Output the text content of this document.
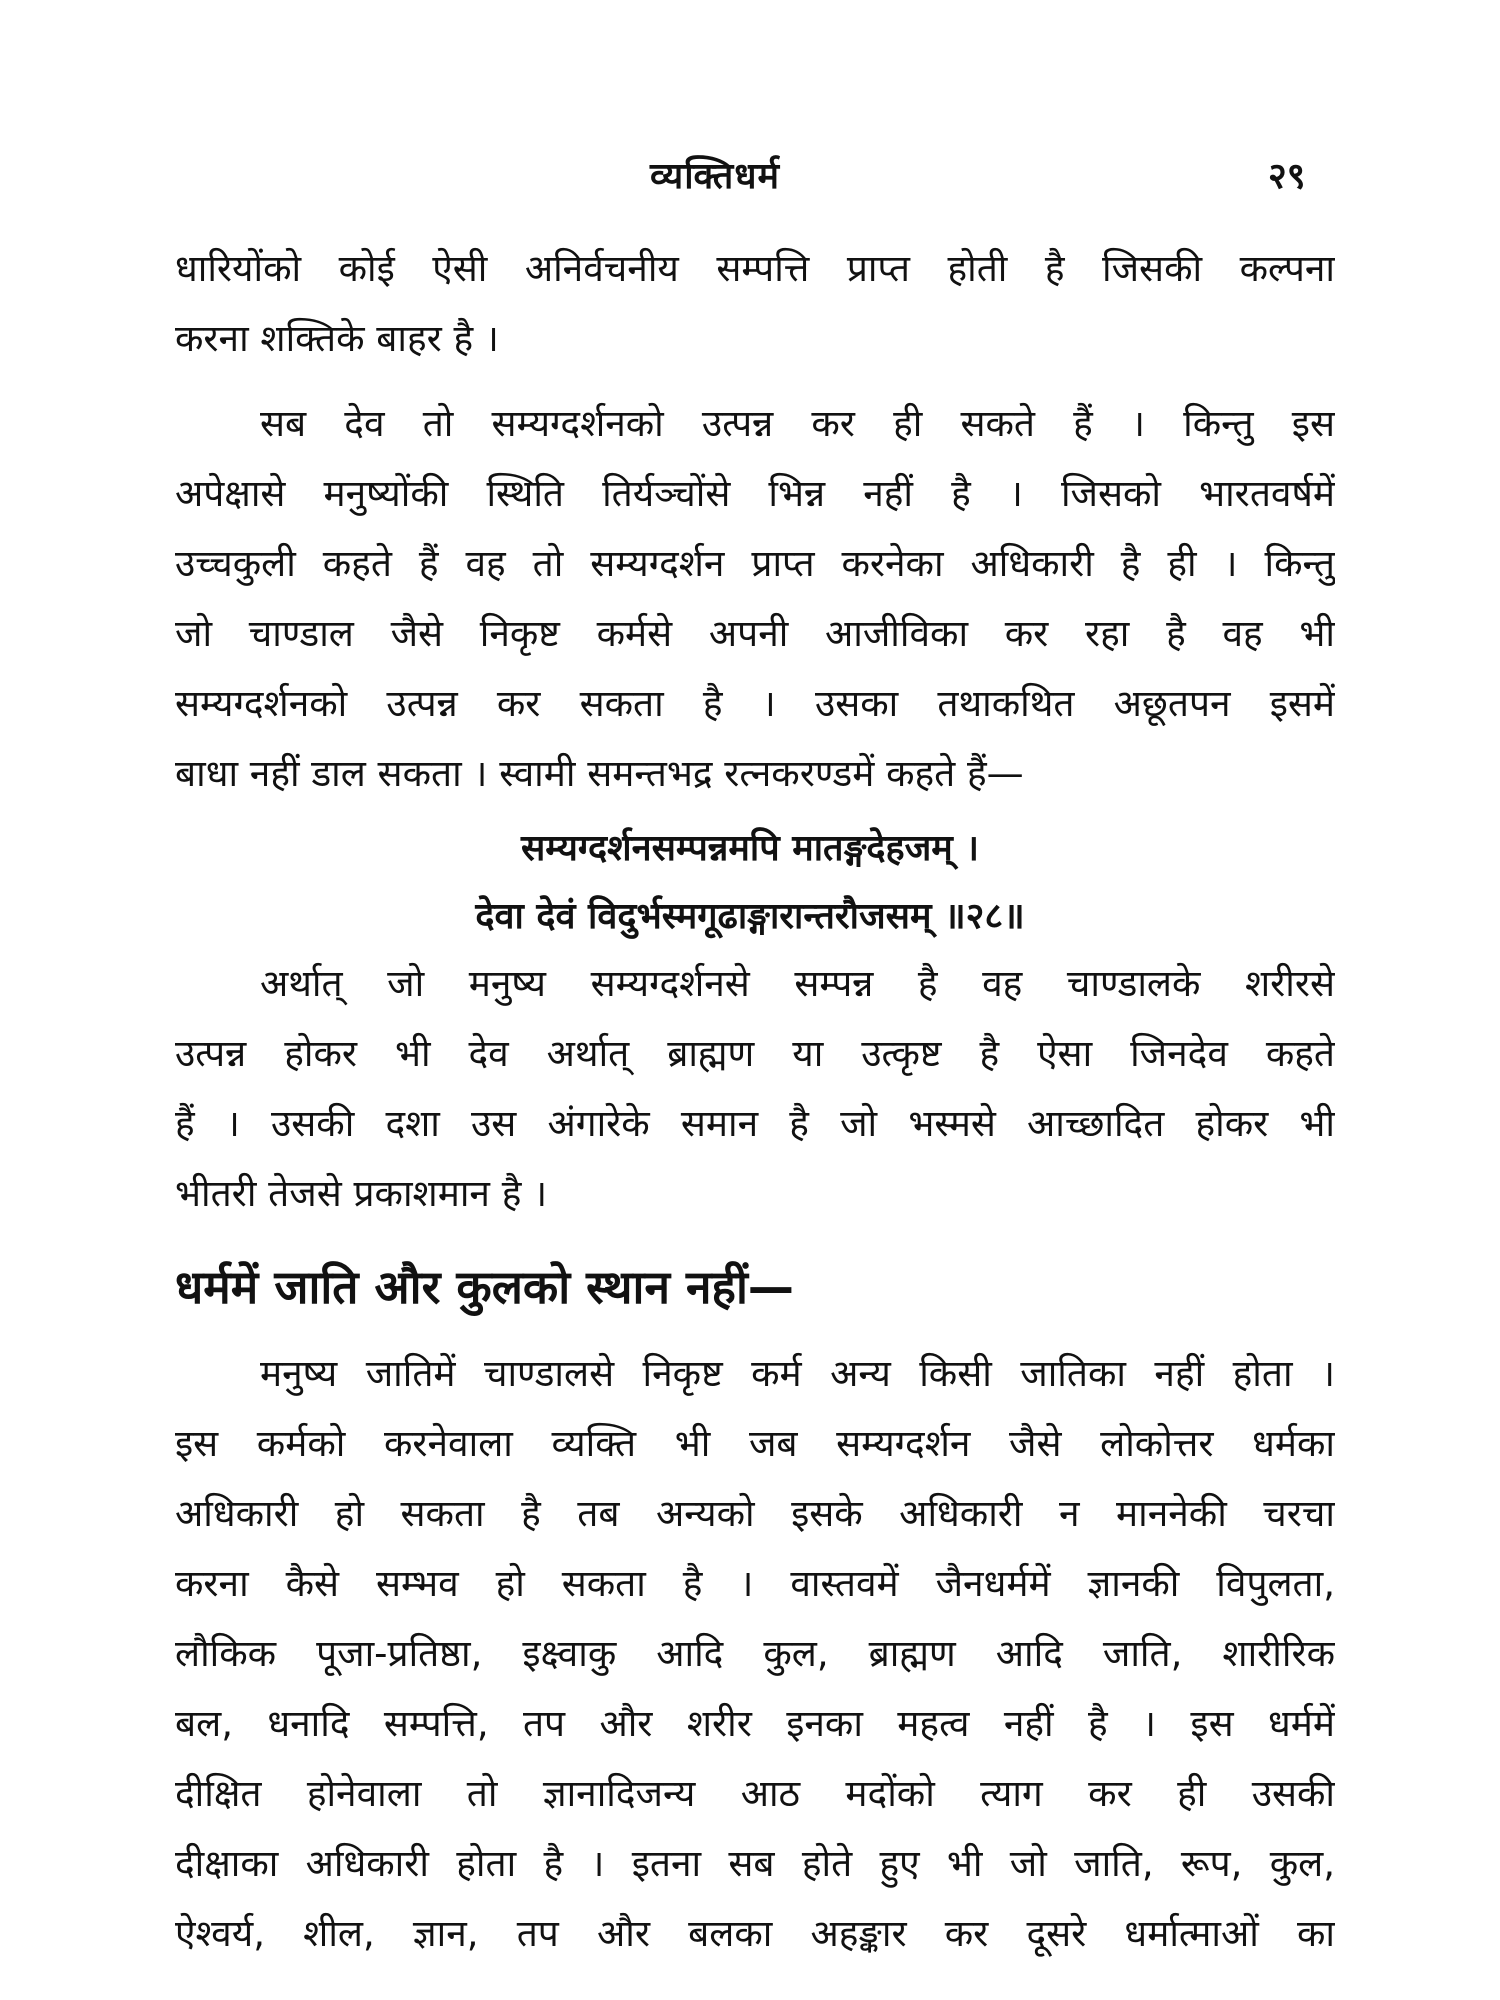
व्यक्तिधर्म	२९
धारियोंको कोई ऐसी अनिर्वचनीय सम्पत्ति प्राप्त होती है जिसकी कल्पना
करना शक्तिके बाहर है ।
सब देव तो सम्यग्दर्शनको उत्पन्न कर ही सकते हैं । किन्तु इस
अपेक्षासे मनुष्योंकी स्थिति तिर्यञ्चोंसे भिन्न नहीं है । जिसको भारतवर्षमें
उच्चकुली कहते हैं वह तो सम्यग्दर्शन प्राप्त करनेका अधिकारी है ही । किन्तु
जो चाण्डाल जैसे निकृष्ट कर्मसे अपनी आजीविका कर रहा है वह भी
सम्यग्दर्शनको उत्पन्न कर सकता है । उसका तथाकथित अछूतपन इसमें
बाधा नहीं डाल सकता । स्वामी समन्तभद्र रत्नकरण्डमें कहते हैं—
सम्यग्दर्शनसम्पन्नमपि मातङ्गदेहजम् ।
देवा देवं विदुर्भस्मगूढाङ्गारान्तरौजसम् ॥२८॥
अर्थात् जो मनुष्य सम्यग्दर्शनसे सम्पन्न है वह चाण्डालके शरीरसे
उत्पन्न होकर भी देव अर्थात् ब्राह्मण या उत्कृष्ट है ऐसा जिनदेव कहते
हैं । उसकी दशा उस अंगारेके समान है जो भस्मसे आच्छादित होकर भी
भीतरी तेजसे प्रकाशमान है ।
धर्ममें जाति और कुलको स्थान नहीं—
मनुष्य जातिमें चाण्डालसे निकृष्ट कर्म अन्य किसी जातिका नहीं होता ।
इस कर्मको करनेवाला व्यक्ति भी जब सम्यग्दर्शन जैसे लोकोत्तर धर्मका
अधिकारी हो सकता है तब अन्यको इसके अधिकारी न माननेकी चरचा
करना कैसे सम्भव हो सकता है । वास्तवमें जैनधर्ममें ज्ञानकी विपुलता,
लौकिक पूजा-प्रतिष्ठा, इक्ष्वाकु आदि कुल, ब्राह्मण आदि जाति, शारीरिक
बल, धनादि सम्पत्ति, तप और शरीर इनका महत्व नहीं है । इस धर्ममें
दीक्षित होनेवाला तो ज्ञानादिजन्य आठ मदोंको त्याग कर ही उसकी
दीक्षाका अधिकारी होता है । इतना सब होते हुए भी जो जाति, रूप, कुल,
ऐश्वर्य, शील, ज्ञान, तप और बलका अहङ्कार कर दूसरे धर्मात्माओं का
